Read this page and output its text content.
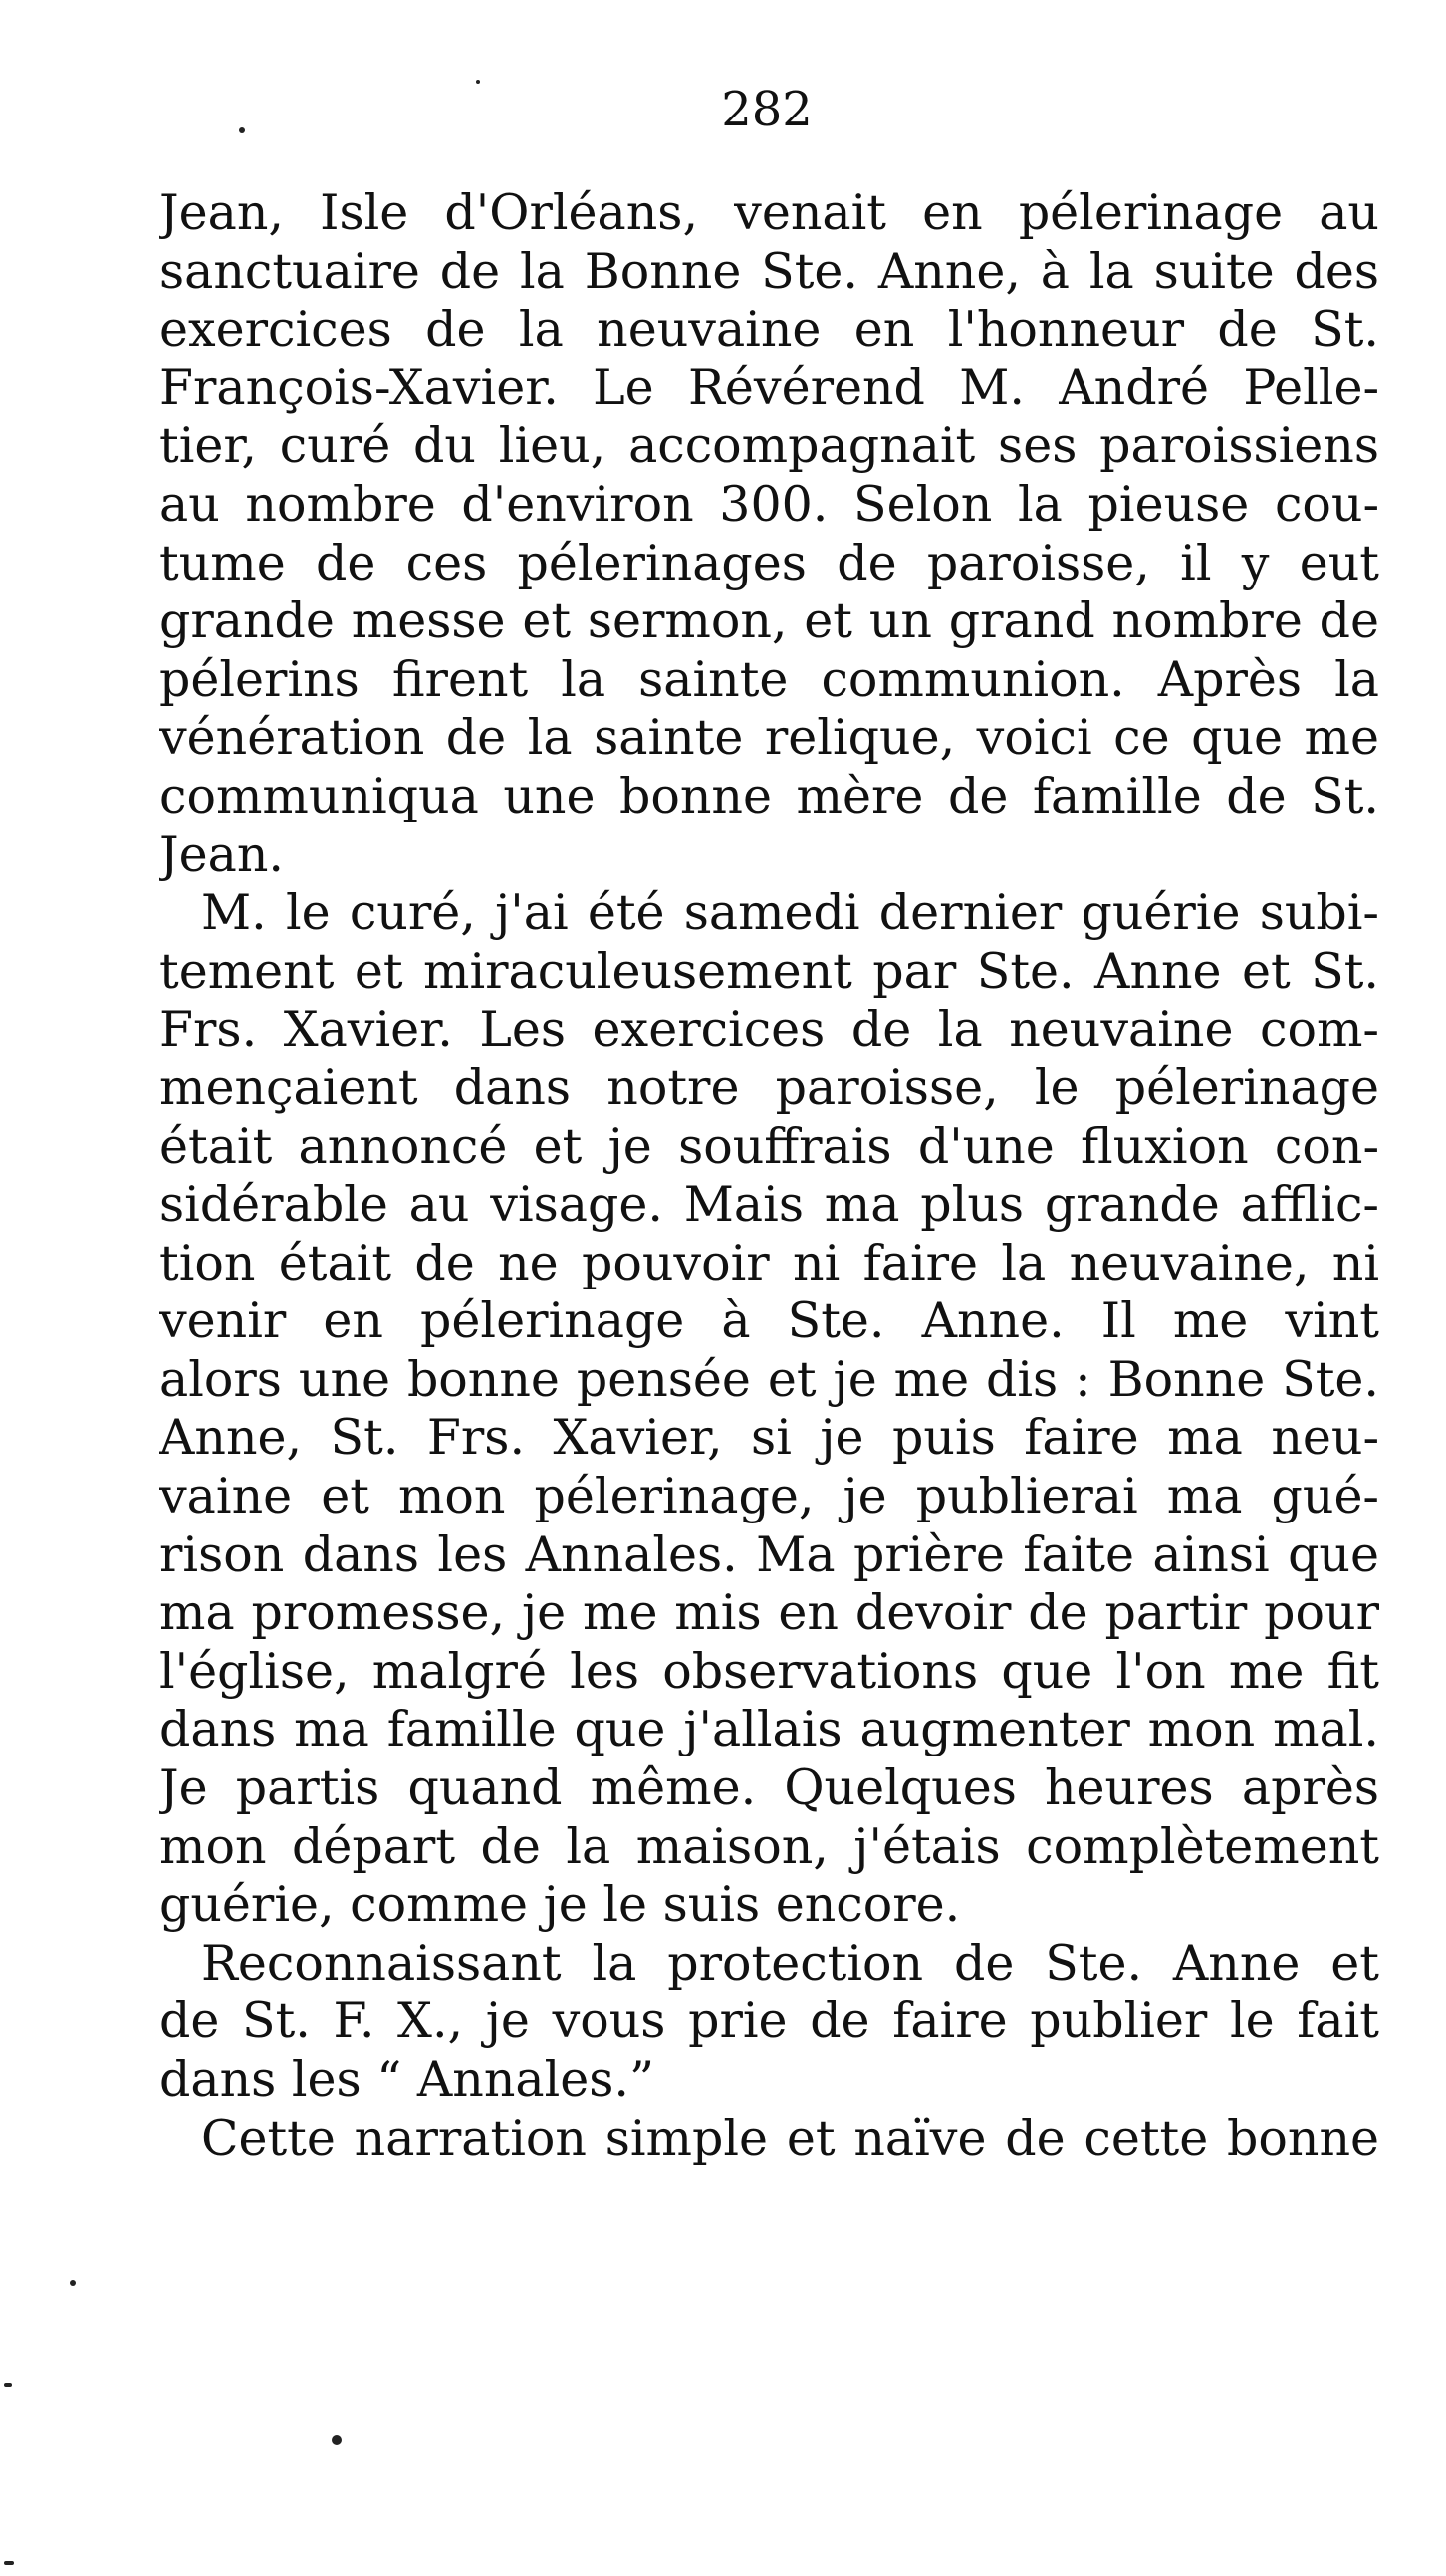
282
Jean, Isle d'Orléans, venait en pélerinage au
sanctuaire de la Bonne Ste. Anne, à la suite des
exercices de la neuvaine en l'honneur de St.
François-Xavier. Le Révérend M. André Pelle-
tier, curé du lieu, accompagnait ses paroissiens
au nombre d'environ 300. Selon la pieuse cou-
tume de ces pélerinages de paroisse, il y eut
grande messe et sermon, et un grand nombre de
pélerins firent la sainte communion. Après la
vénération de la sainte relique, voici ce que me
communiqua une bonne mère de famille de St.
Jean.
M. le curé, j'ai été samedi dernier guérie subi-
tement et miraculeusement par Ste. Anne et St.
Frs. Xavier. Les exercices de la neuvaine com-
mençaient dans notre paroisse, le pélerinage
était annoncé et je souffrais d'une fluxion con-
sidérable au visage. Mais ma plus grande afflic-
tion était de ne pouvoir ni faire la neuvaine, ni
venir en pélerinage à Ste. Anne. Il me vint
alors une bonne pensée et je me dis : Bonne Ste.
Anne, St. Frs. Xavier, si je puis faire ma neu-
vaine et mon pélerinage, je publierai ma gué-
rison dans les Annales. Ma prière faite ainsi que
ma promesse, je me mis en devoir de partir pour
l'église, malgré les observations que l'on me fit
dans ma famille que j'allais augmenter mon mal.
Je partis quand même. Quelques heures après
mon départ de la maison, j'étais complètement
guérie, comme je le suis encore.
Reconnaissant la protection de Ste. Anne et
de St. F. X., je vous prie de faire publier le fait
dans les “ Annales.”
Cette narration simple et naïve de cette bonne
